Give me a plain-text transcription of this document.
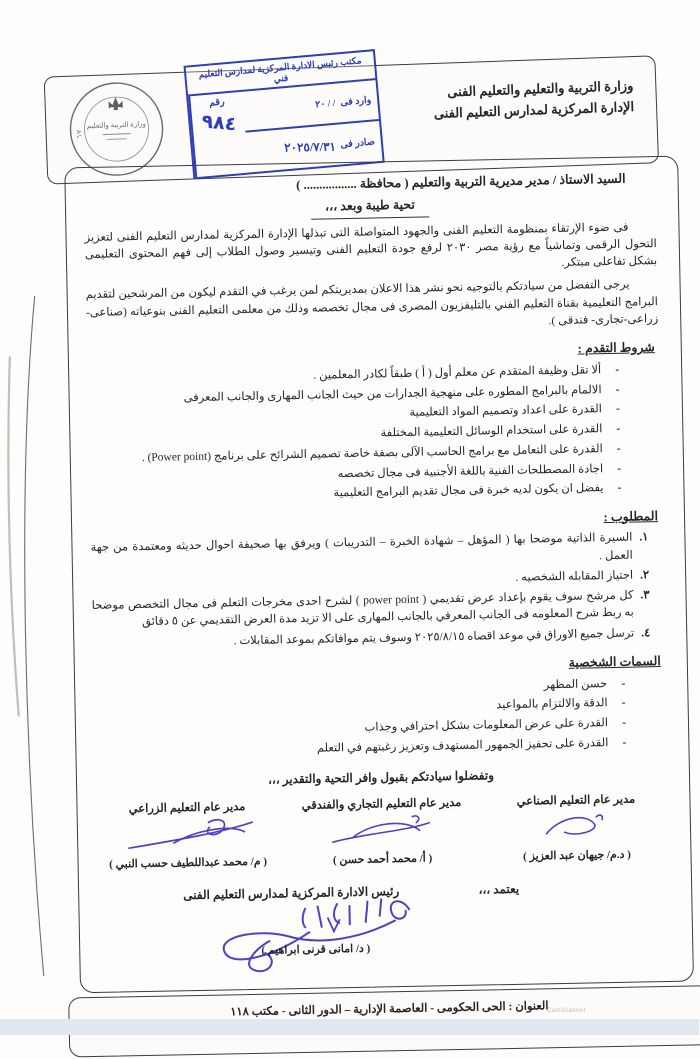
وزارة التربية والتعليم والتعليم الفنى
الإدارة المركزية لمدارس التعليم الفنى
EDUCATION AND TECHNICAL
وزارة التربية والتعليم
مكتب رئيس الادارة المركزية لمدارس التعليم فني
وارد فى
٢٠ / /
صادر فى
٢٠٢٥/٧/٣١
رقم
٩٨٤
السيد الاستاذ / مدير مديرية التربية والتعليم ( محافظة ................. )
تحية طيبة وبعد ،،،

فى ضوء الإرتقاء بمنظومة التعليم الفنى والجهود المتواصلة التى تبذلها الإدارة المركزية لمدارس التعليم الفنى لتعزيز التحول الرقمى وتماشياً مع رؤية مصر ٢٠٣٠ لرفع جودة التعليم الفنى وتيسير وصول الطلاب إلى فهم المحتوى التعليمى بشكل تفاعلى مبتكر.

يرجى التفضل من سيادتكم بالتوجيه نحو نشر هذا الاعلان بمديريتكم لمن يرغب في التقدم ليكون من المرشحين لتقديم البرامج التعليمية بقناة التعليم الفني بالتليفزيون المصرى فى مجال تخصصه وذلك من معلمى التعليم الفنى بنوعياته (صناعى-زراعى-تجارى- فندقى ).

شروط التقدم :
- ألا تقل وظيفة المتقدم عن معلم أول ( أ ) طبقاً لكادر المعلمين .
- الالمام بالبرامج المطوره على منهجية الجدارات من حيث الجانب المهارى والجانب المعرفى
- القدرة على اعداد وتصميم المواد التعليمية
- القدرة على استخدام الوسائل التعليمية المختلفة
- القدرة على التعامل مع برامج الحاسب الآلى بصفة خاصة تصميم الشرائح على برنامج (Power point) .
- اجادة المصطلحات الفنية باللغة الأجنبية فى مجال تخصصه
- يفضل ان يكون لديه خبرة فى مجال تقديم البرامج التعليمية
المطلوب :
١.
السيرة الذاتية موضحا بها ( المؤهل – شهادة الخبرة – التدريبات ) ويرفق بها صحيفة احوال حديثه ومعتمدة من جهة العمل .
٢.
اجتياز المقابله الشخصيه .
٣.
كل مرشح سوف يقوم بإعداد عرض تقديمي ( power point ) لشرح احدى مخرجات التعلم فى مجال التخصص موضحا به ربط شرح المعلومه فى الجانب المعرفي بالجانب المهارى على الا تزيد مدة العرض التقديمي عن ٥ دقائق
٤.
ترسل جميع الاوراق في موعد اقصاه ٢٠٢٥/٨/١٥ وسوف يتم موافاتكم بموعد المقابلات .
السمات الشخصية
- حسن المظهر
- الدقة والالتزام بالمواعيد
- القدرة على عرض المعلومات بشكل احترافي وجذاب
- القدرة على تحفيز الجمهور المستهدف وتعزيز رغبتهم في التعلم
وتفضلوا سيادتكم بقبول وافر التحية والتقدير ،،،
مدير عام التعليم الصناعي
( د.م/ جيهان عبد العزيز )
مدير عام التعليم التجاري والفندقي
( أ/ محمد أحمد حسن )
مدير عام التعليم الزراعي
( م/ محمد عبداللطيف حسب النبي )
يعتمد ،،،
رئيس الادارة المركزية لمدارس التعليم الفنى
( د/ امانى قرنى ابراهيم )
العنوان : الحى الحكومى - العاصمة الإدارية – الدور الثانى - مكتب ١١٨
CamScanner
